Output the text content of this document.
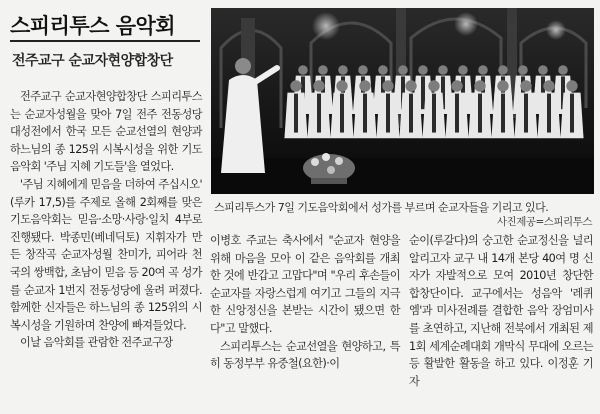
스피리투스 음악회
전주교구 순교자현양합창단

전주교구 순교자현양합창단 스피리투스는 순교자성월을 맞아 7일 전주 전동성당 대성전에서 한국 모든 순교선열의 현양과 하느님의 종 125위 시복시성을 위한 기도음악회 '주님 지혜 기도들'을 열었다.

'주님 지혜에게 믿음을 더하여 주십시오' (루카 17,5)를 주제로 올해 2회째를 맞은 기도음악회는 믿음·소망·사랑·일치 4부로 진행됐다. 박종민(베네딕토) 지휘자가 만든 창작곡 순교자성월 찬미가, 피어라 천국의 쌍백합, 초남이 믿음 등 20여 곡 성가를 순교자 1번지 전동성당에 울려 퍼졌다. 함께한 신자들은 하느님의 종 125위의 시복시성을 기원하며 찬양에 빠져들었다.

이날 음악회를 관람한 전주교구장

스피리투스가 7일 기도음악회에서 성가를 부르며 순교자들을 기리고 있다.
사진제공=스피리투스

이병호 주교는 축사에서 "순교자 현양을 위해 마음을 모아 이 같은 음악회를 개최한 것에 반갑고 고맙다"며 "우리 후손들이 순교자를 자랑스럽게 여기고 그들의 지극한 신앙정신을 본받는 시간이 됐으면 한다"고 말했다.

스피리투스는 순교선열을 현양하고, 특히 동정부부 유중철(요한)·이

순이(루갈다)의 숭고한 순교정신을 널리 알리고자 교구 내 14개 본당 40여 명 신자가 자발적으로 모여 2010년 창단한 합창단이다. 교구에서는 성음악 '레퀴엠'과 미사전례를 결합한 음악 장엄미사를 초연하고, 지난해 전북에서 개최된 제1회 세계순례대회 개막식 무대에 오르는 등 활발한 활동을 하고 있다. 이정훈 기자
